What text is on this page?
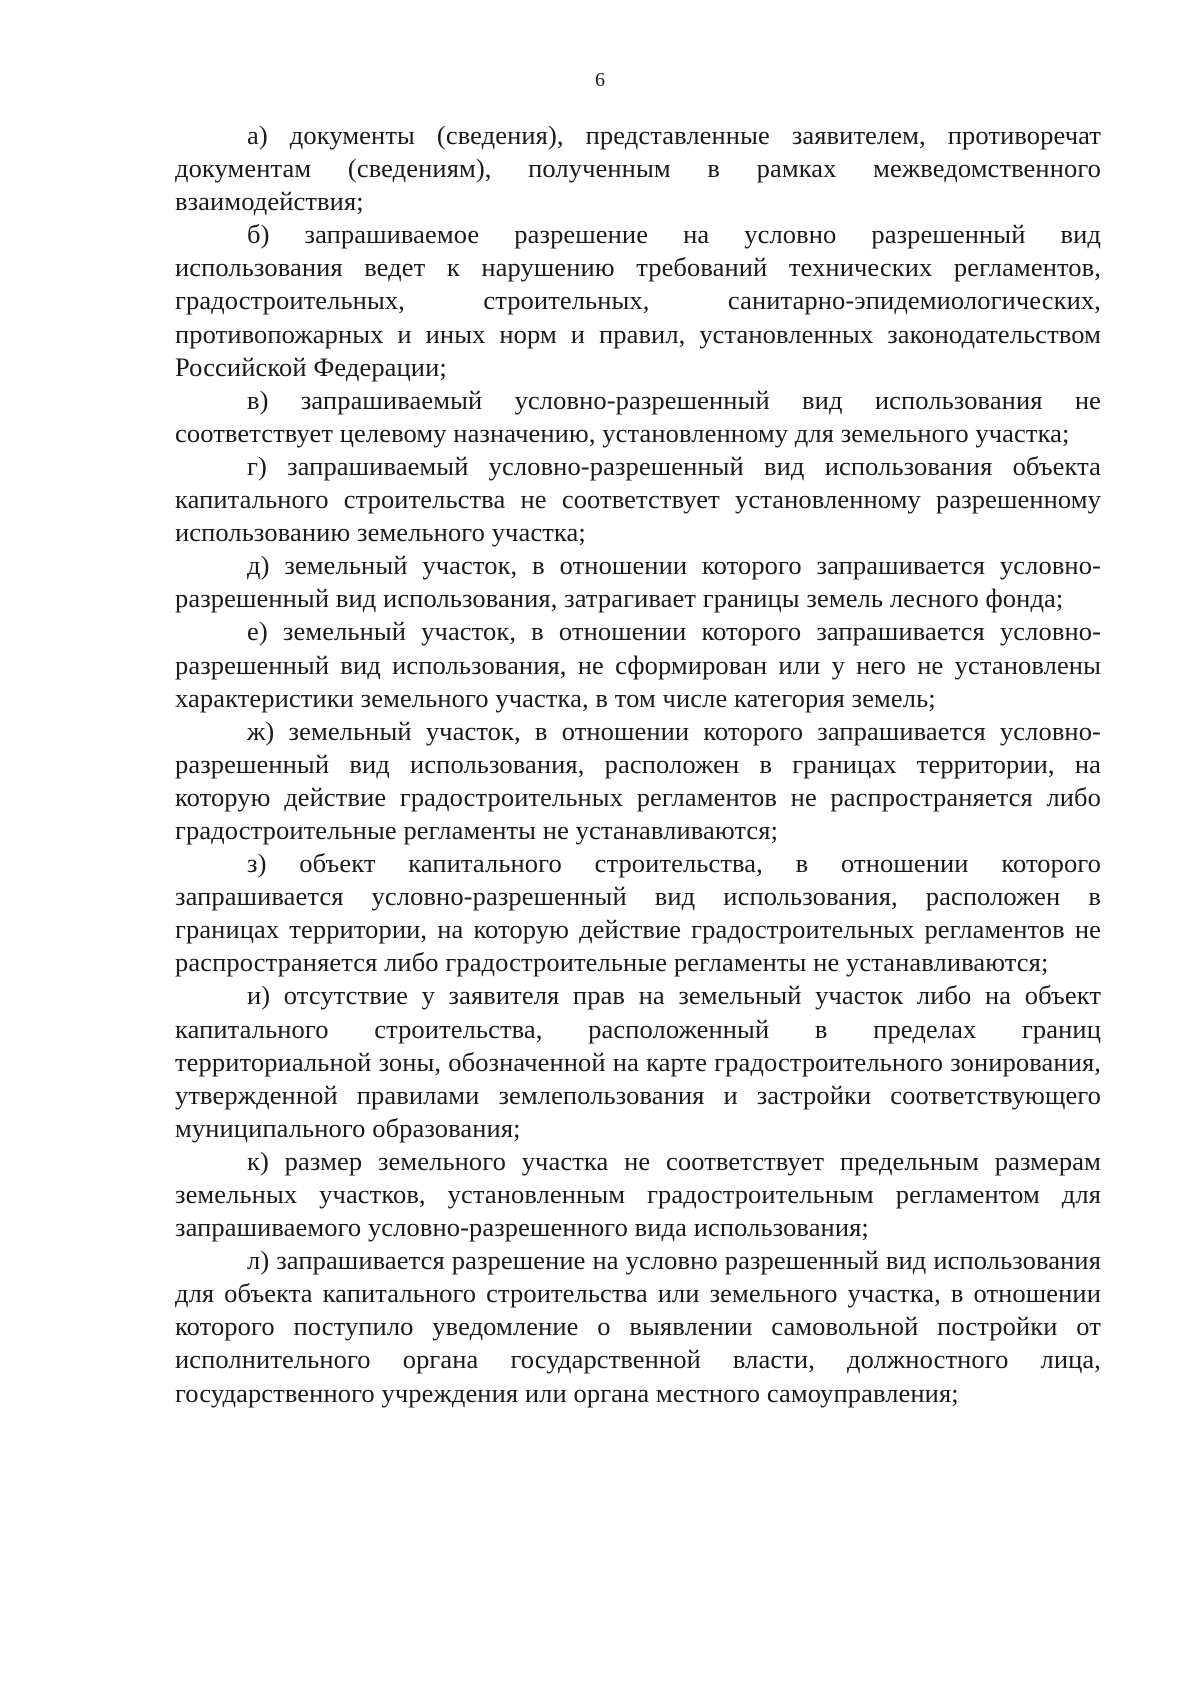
6

а) документы (сведения), представленные заявителем, противоречат документам (сведениям), полученным в рамках межведомственного взаимодействия;

б) запрашиваемое разрешение на условно разрешенный вид использования ведет к нарушению требований технических регламентов, градостроительных, строительных, санитарно-эпидемиологических, противопожарных и иных норм и правил, установленных законодательством Российской Федерации;

в) запрашиваемый условно-разрешенный вид использования не соответствует целевому назначению, установленному для земельного участка;

г) запрашиваемый условно-разрешенный вид использования объекта капитального строительства не соответствует установленному разрешенному использованию земельного участка;

д) земельный участок, в отношении которого запрашивается условно-разрешенный вид использования, затрагивает границы земель лесного фонда;

е) земельный участок, в отношении которого запрашивается условно-разрешенный вид использования, не сформирован или у него не установлены характеристики земельного участка, в том числе категория земель;

ж) земельный участок, в отношении которого запрашивается условно-разрешенный вид использования, расположен в границах территории, на которую действие градостроительных регламентов не распространяется либо градостроительные регламенты не устанавливаются;

з) объект капитального строительства, в отношении которого запрашивается условно-разрешенный вид использования, расположен в границах территории, на которую действие градостроительных регламентов не распространяется либо градостроительные регламенты не устанавливаются;

и) отсутствие у заявителя прав на земельный участок либо на объект капитального строительства, расположенный в пределах границ территориальной зоны, обозначенной на карте градостроительного зонирования, утвержденной правилами землепользования и застройки соответствующего муниципального образования;

к) размер земельного участка не соответствует предельным размерам земельных участков, установленным градостроительным регламентом для запрашиваемого условно-разрешенного вида использования;

л) запрашивается разрешение на условно разрешенный вид использования для объекта капитального строительства или земельного участка, в отношении которого поступило уведомление о выявлении самовольной постройки от исполнительного органа государственной власти, должностного лица, государственного учреждения или органа местного самоуправления;
